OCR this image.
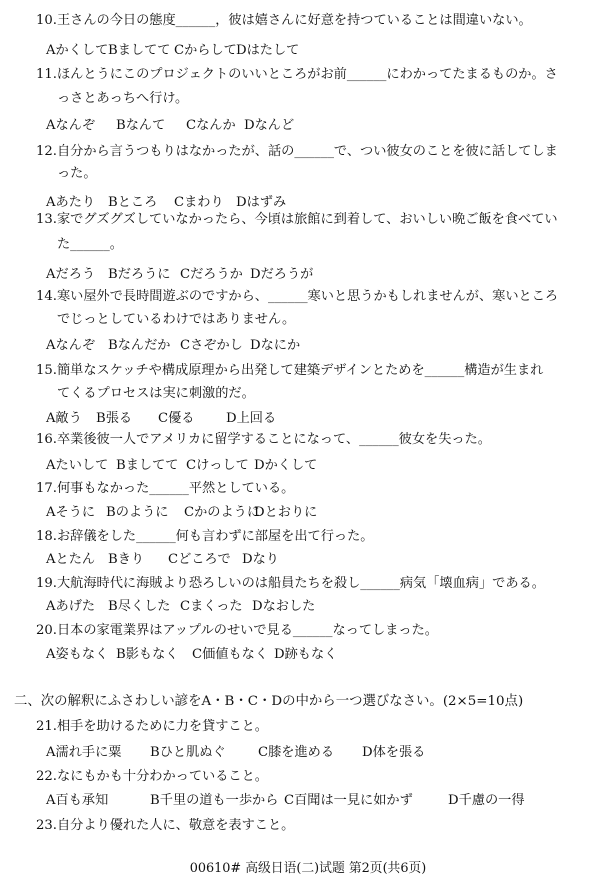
10.王さんの今日の態度______，彼は嬉さんに好意を持つていることは間違いない。
Aかくして Bましてて Cからして Dはたして
11.ほんとうにこのプロジェクトのいいところがお前______にわかってたまるものか。さ
っさとあっちへ行け。
Aなんぞ Bなんて Cなんか Dなんど
12.自分から言うつもりはなかったが、話の______で、つい彼女のことを彼に話してしま
った。
Aあたり Bところ Cまわり Dはずみ
13.家でグズグズしていなかったら、今頃は旅館に到着して、おいしい晩ご飯を食べてい
た______。
Aだろう Bだろうに Cだろうか Dだろうが
14.寒い屋外で長時間遊ぶのですから、______寒いと思うかもしれませんが、寒いところ
でじっとしているわけではありません。
Aなんぞ Bなんだか Cさぞかし Dなにか
15.簡単なスケッチや構成原理から出発して建築デザインとためを______構造が生まれ
てくるプロセスは実に刺激的だ。
A敵う B張る C優る D上回る
16.卒業後彼一人でアメリカに留学することになって、______彼女を失った。
Aたいして Bましてて Cけっして Dかくして
17.何事もなかった______平然としている。
Aそうに Bのように Cかのように
Dとおりに
18.お辞儀をした______何も言わずに部屋を出て行った。
Aとたん Bきり Cどころで Dなり
19.大航海時代に海賊より恐ろしいのは船員たちを殺し______病気「壊血病」である。
Aあげた B尽くした Cまくった Dなおした
20.日本の家電業界はアップルのせいで見る______なってしまった。
A姿もなく B影もなく C価値もなく D跡もなく
二、次の解釈にふさわしい諺をA・B・C・Dの中から一つ選びなさい。(2×5=10点)
21.相手を助けるために力を貸すこと。
A濡れ手に粟 Bひと肌ぬぐ C膝を進める D体を張る
22.なにもかも十分わかっていること。
A百も承知	B千里の道も一歩から C百聞は一見に如かず	D千慮の一得
23.自分より優れた人に、敬意を表すこと。
00610# 高级日语(二)试题 第2页(共6页)
